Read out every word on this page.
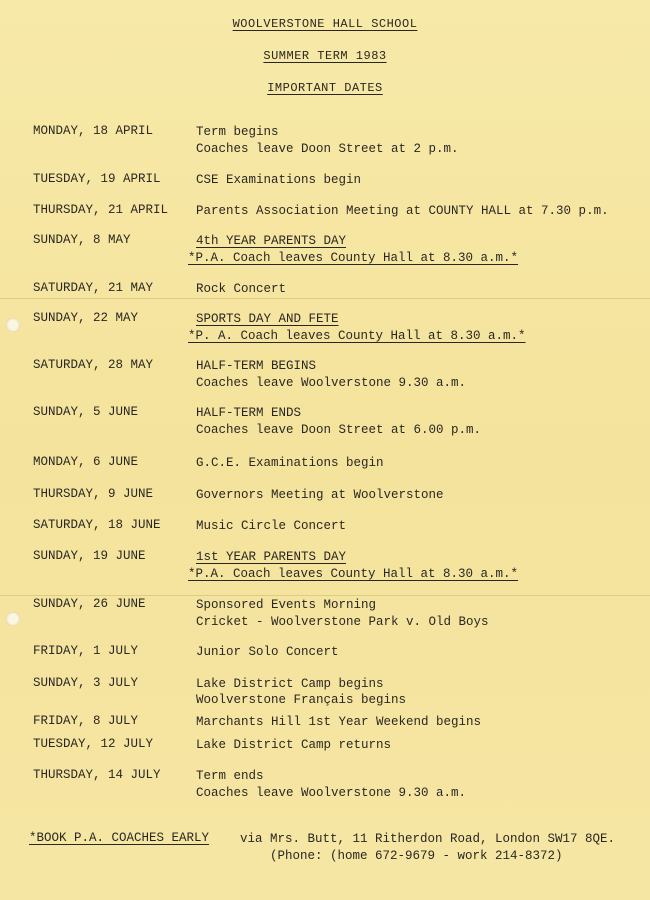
WOOLVERSTONE HALL SCHOOL
SUMMER TERM 1983
IMPORTANT DATES
MONDAY, 18 APRIL	Term begins
Coaches leave Doon Street at 2 p.m.
TUESDAY, 19 APRIL	CSE Examinations begin
THURSDAY, 21 APRIL Parents Association Meeting at COUNTY HALL at 7.30 p.m.
SUNDAY, 8 MAY	4th YEAR PARENTS DAY
*P.A. Coach leaves County Hall at 8.30 a.m.*
SATURDAY, 21 MAY	Rock Concert
SUNDAY, 22 MAY	SPORTS DAY AND FETE
*P. A. Coach leaves County Hall at 8.30 a.m.*
SATURDAY, 28 MAY	HALF-TERM BEGINS
Coaches leave Woolverstone 9.30 a.m.
SUNDAY, 5 JUNE	HALF-TERM ENDS
Coaches leave Doon Street at 6.00 p.m.
MONDAY, 6 JUNE	G.C.E. Examinations begin
THURSDAY, 9 JUNE	Governors Meeting at Woolverstone
SATURDAY, 18 JUNE	Music Circle Concert
SUNDAY, 19 JUNE	1st YEAR PARENTS DAY
*P.A. Coach leaves County Hall at 8.30 a.m.*
SUNDAY, 26 JUNE	Sponsored Events Morning
Cricket - Woolverstone Park v. Old Boys
FRIDAY, 1 JULY	Junior Solo Concert
SUNDAY, 3 JULY	Lake District Camp begins
Woolverstone Français begins
FRIDAY, 8 JULY	Marchants Hill 1st Year Weekend begins
TUESDAY, 12 JULY	Lake District Camp returns
THURSDAY, 14 JULY	Term ends
Coaches leave Woolverstone 9.30 a.m.
*BOOK P.A. COACHES EARLY via Mrs. Butt, 11 Ritherdon Road, London SW17 8QE.
(Phone: (home 672-9679 - work 214-8372)
